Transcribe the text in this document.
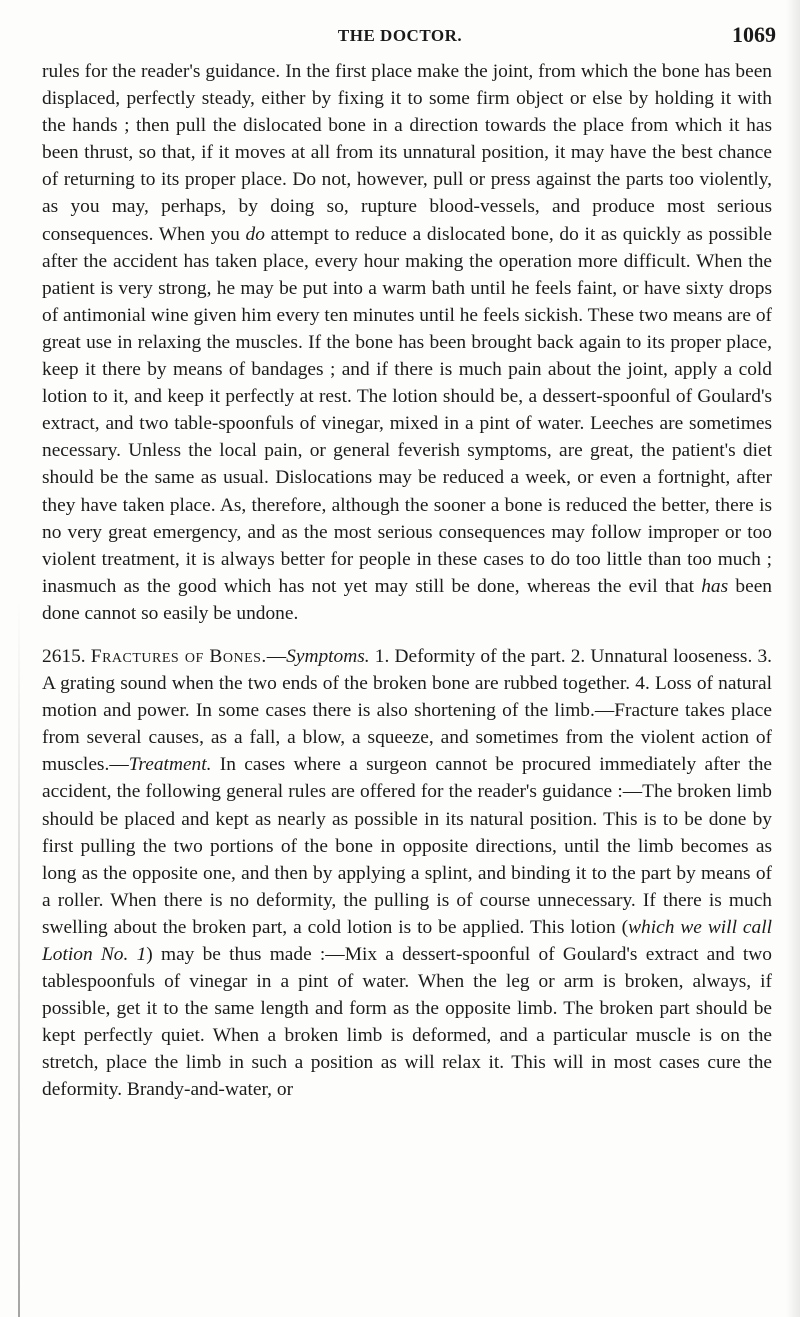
THE DOCTOR.	1069

rules for the reader's guidance. In the first place make the joint, from which the bone has been displaced, perfectly steady, either by fixing it to some firm object or else by holding it with the hands ; then pull the dislocated bone in a direction towards the place from which it has been thrust, so that, if it moves at all from its unnatural position, it may have the best chance of returning to its proper place. Do not, however, pull or press against the parts too violently, as you may, perhaps, by doing so, rupture blood-vessels, and produce most serious consequences. When you do attempt to reduce a dislocated bone, do it as quickly as possible after the accident has taken place, every hour making the operation more difficult. When the patient is very strong, he may be put into a warm bath until he feels faint, or have sixty drops of antimonial wine given him every ten minutes until he feels sickish. These two means are of great use in relaxing the muscles. If the bone has been brought back again to its proper place, keep it there by means of bandages ; and if there is much pain about the joint, apply a cold lotion to it, and keep it perfectly at rest. The lotion should be, a dessert-spoonful of Goulard's extract, and two table-spoonfuls of vinegar, mixed in a pint of water. Leeches are sometimes necessary. Unless the local pain, or general feverish symptoms, are great, the patient's diet should be the same as usual. Dislocations may be reduced a week, or even a fortnight, after they have taken place. As, therefore, although the sooner a bone is reduced the better, there is no very great emergency, and as the most serious consequences may follow improper or too violent treatment, it is always better for people in these cases to do too little than too much ; inasmuch as the good which has not yet may still be done, whereas the evil that has been done cannot so easily be undone.

2615. Fractures of Bones.—Symptoms. 1. Deformity of the part. 2. Unnatural looseness. 3. A grating sound when the two ends of the broken bone are rubbed together. 4. Loss of natural motion and power. In some cases there is also shortening of the limb.—Fracture takes place from several causes, as a fall, a blow, a squeeze, and sometimes from the violent action of muscles.—Treatment. In cases where a surgeon cannot be procured immediately after the accident, the following general rules are offered for the reader's guidance :—The broken limb should be placed and kept as nearly as possible in its natural position. This is to be done by first pulling the two portions of the bone in opposite directions, until the limb becomes as long as the opposite one, and then by applying a splint, and binding it to the part by means of a roller. When there is no deformity, the pulling is of course unnecessary. If there is much swelling about the broken part, a cold lotion is to be applied. This lotion (which we will call Lotion No. 1) may be thus made :—Mix a dessert-spoonful of Goulard's extract and two tablespoonfuls of vinegar in a pint of water. When the leg or arm is broken, always, if possible, get it to the same length and form as the opposite limb. The broken part should be kept perfectly quiet. When a broken limb is deformed, and a particular muscle is on the stretch, place the limb in such a position as will relax it. This will in most cases cure the deformity. Brandy-and-water, or
